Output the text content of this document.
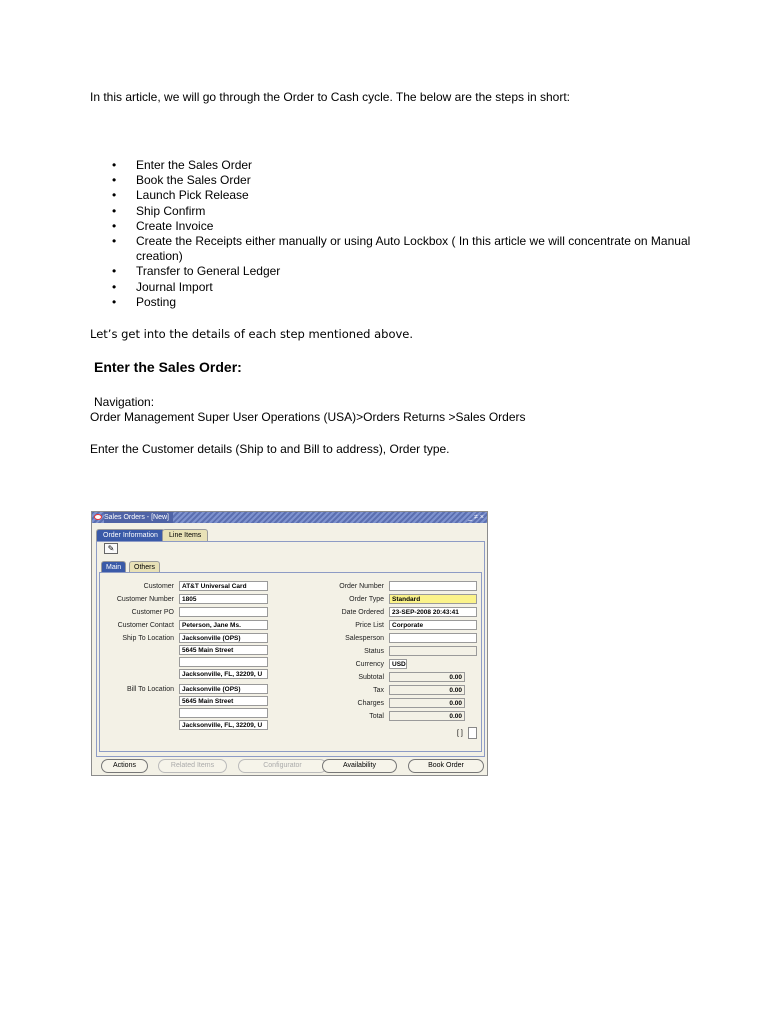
In this article, we will go through the Order to Cash cycle. The below are the steps in short:
• Enter the Sales Order
• Book the Sales Order
• Launch Pick Release
• Ship Confirm
• Create Invoice
• Create the Receipts either manually or using Auto Lockbox ( In this article we will concentrate on Manual creation)
• Transfer to General Ledger
• Journal Import
• Posting
Let’s get into the details of each step mentioned above.
Enter the Sales Order:
Navigation:
Order Management Super User Operations (USA)>Orders Returns >Sales Orders
Enter the Customer details (Ship to and Bill to address), Order type.
Sales Orders - [New]	_ ≠ ×
Order Information	Line Items
✎
Main	Others
Customer	AT&T Universal Card
Customer Number	1805
Customer PO
Customer Contact	Peterson, Jane Ms.
Ship To Location	Jacksonville (OPS)
5645 Main Street
Jacksonville, FL, 32209, U
Bill To Location	Jacksonville (OPS)
5645 Main Street
Jacksonville, FL, 32209, U
Order Number
Order Type	Standard
Date Ordered	23-SEP-2008 20:43:41
Price List	Corporate
Salesperson
Status
Currency	USD
Subtotal	0.00
Tax	0.00
Charges	0.00
Total	0.00
[ ]
Actions	Related Items	Configurator	Availability	Book Order
